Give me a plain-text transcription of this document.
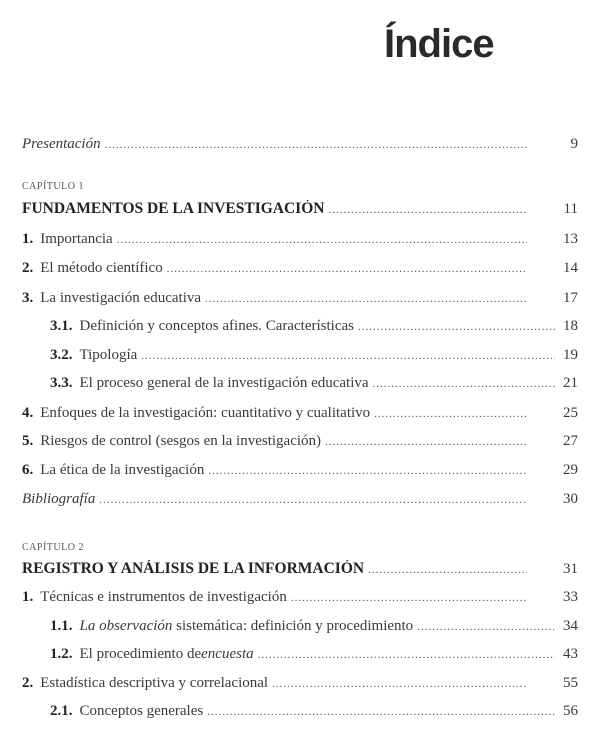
Índice
Presentación .....	9
CAPÍTULO 1
FUNDAMENTOS DE LA INVESTIGACIÓN .....	11
1. Importancia .....	13
2. El método científico .....	14
3. La investigación educativa .....	17
3.1. Definición y conceptos afines. Características .....	18
3.2. Tipología .....	19
3.3. El proceso general de la investigación educativa .....	21
4. Enfoques de la investigación: cuantitativo y cualitativo .....	25
5. Riesgos de control (sesgos en la investigación) .....	27
6. La ética de la investigación .....	29
Bibliografía .....	30
CAPÍTULO 2
REGISTRO Y ANÁLISIS DE LA INFORMACIÓN .....	31
1. Técnicas e instrumentos de investigación .....	33
1.1. La observación sistemática: definición y procedimiento .....	34
1.2. El procedimiento de encuesta .....	43
2. Estadística descriptiva y correlacional .....	55
2.1. Conceptos generales .....	56
